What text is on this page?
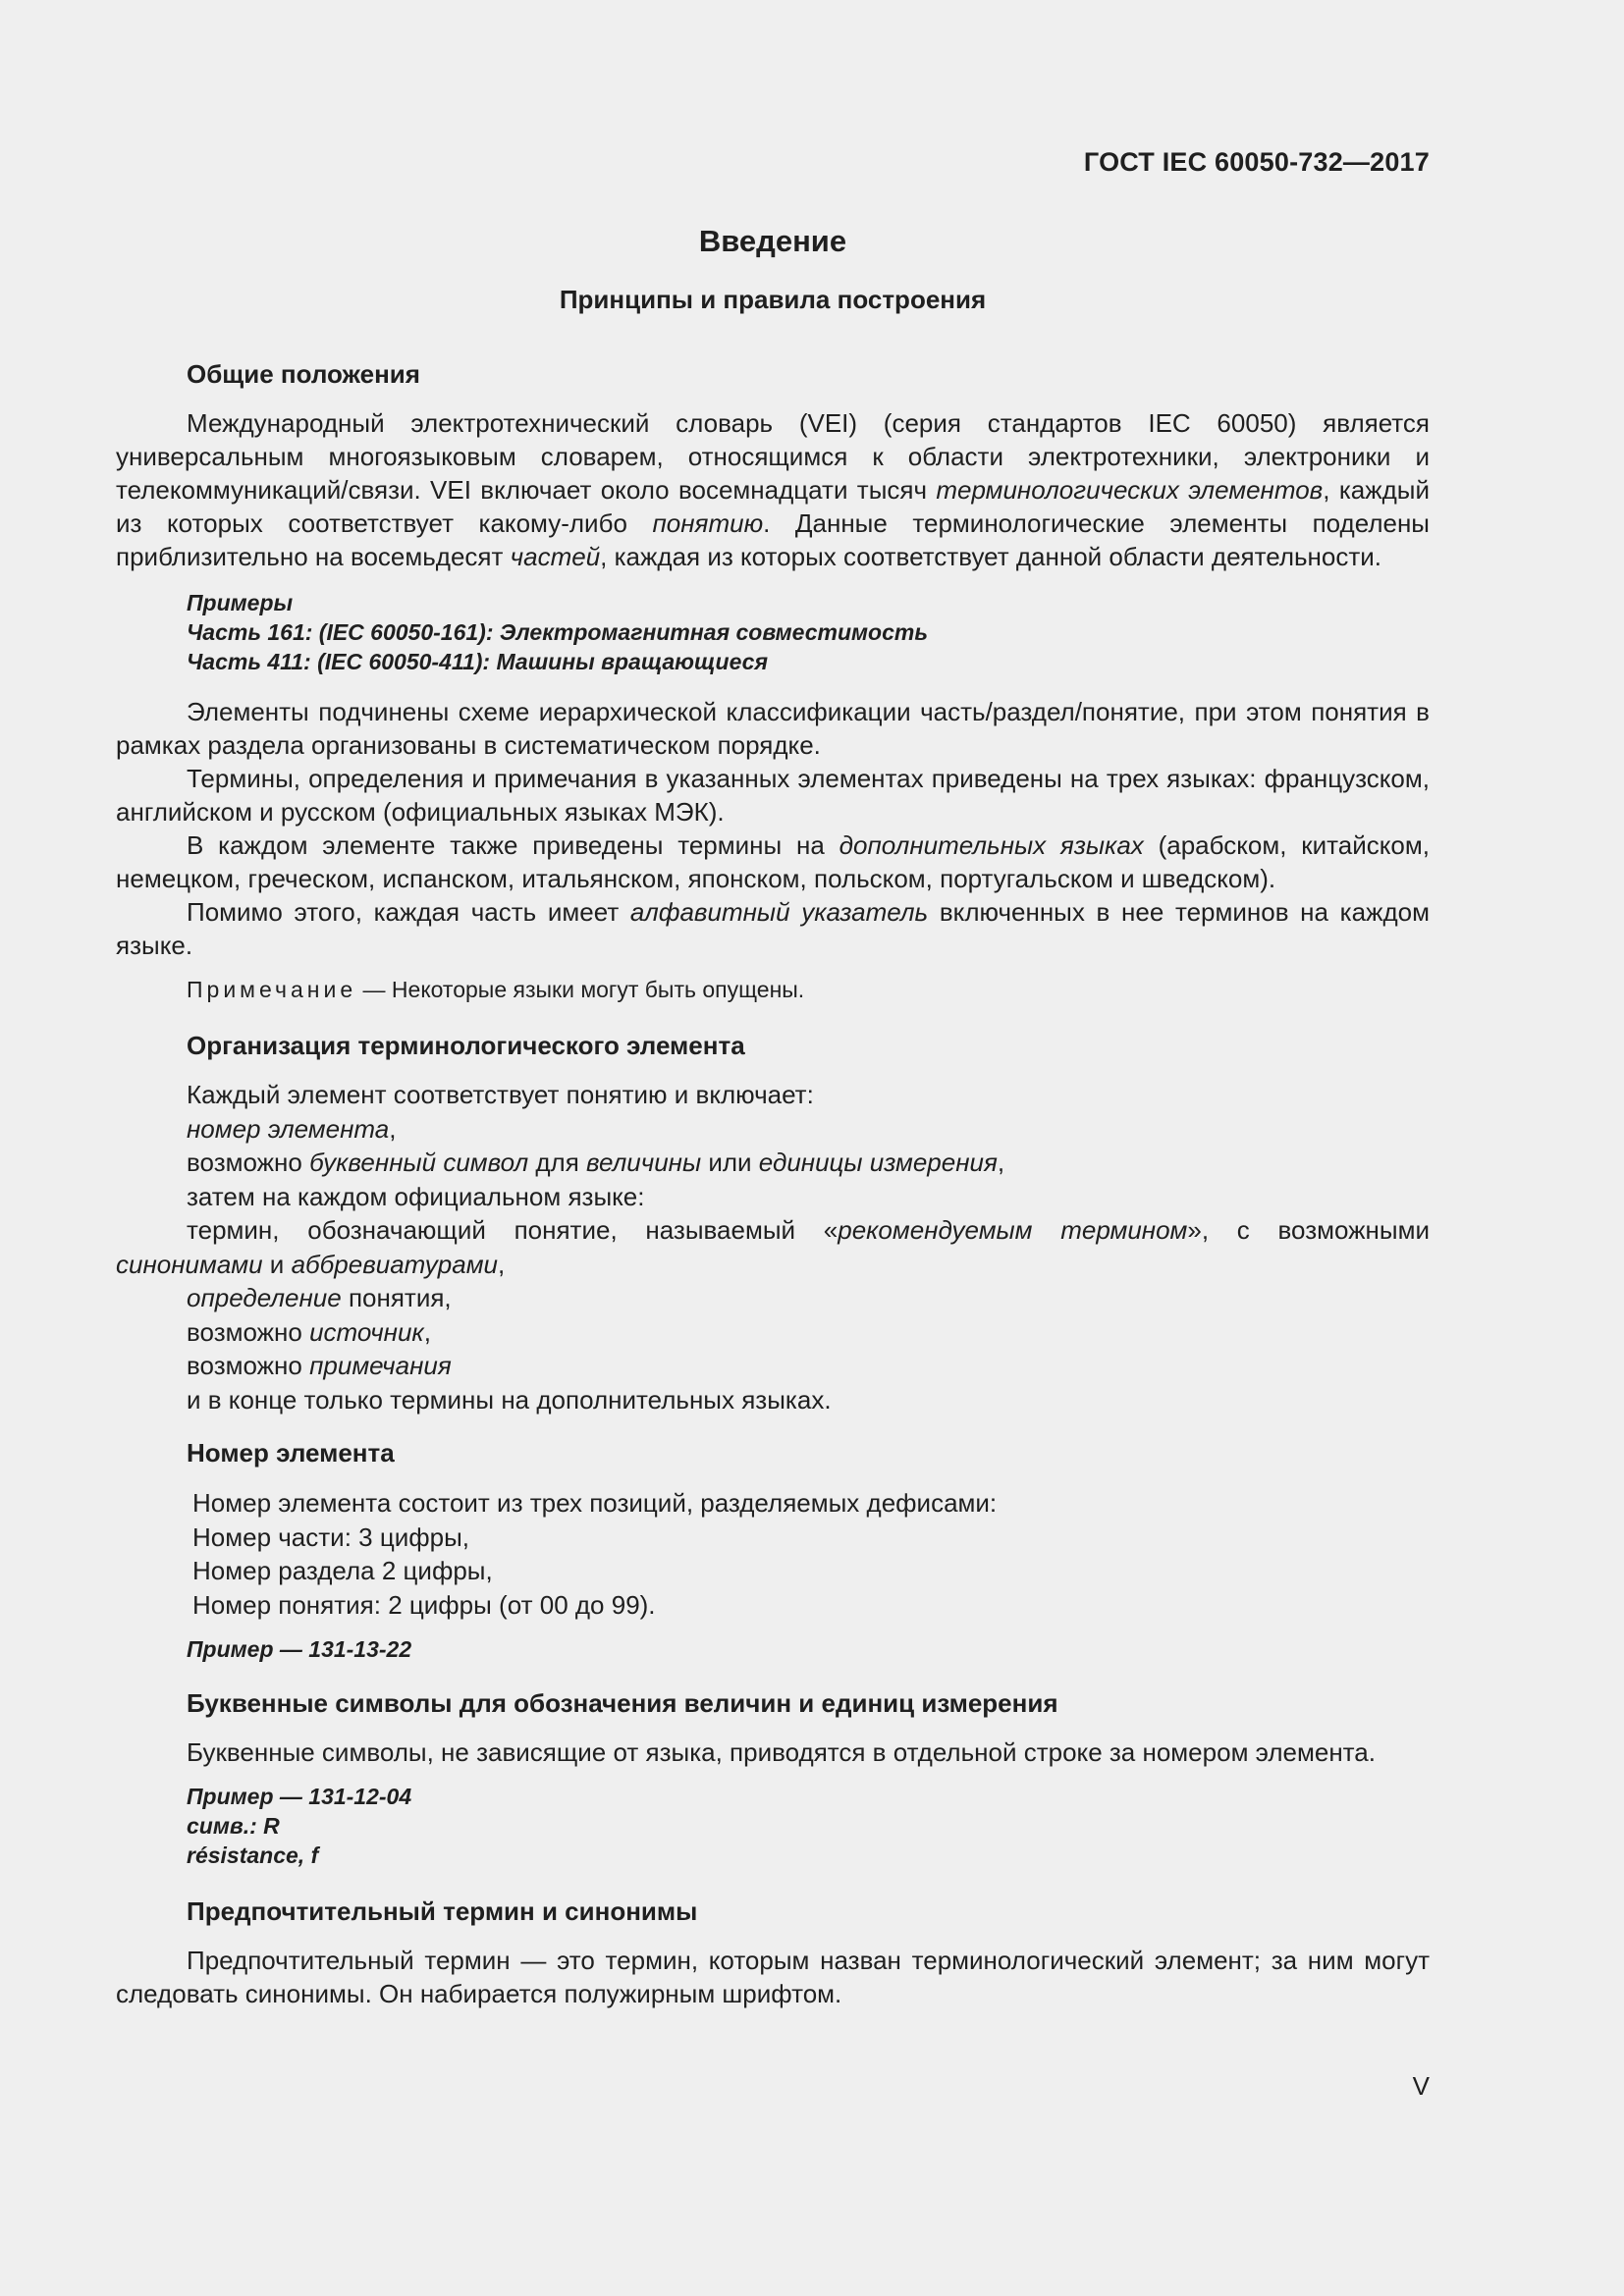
ГОСТ IEC 60050-732—2017
Введение
Принципы и правила построения
Общие положения

Международный электротехнический словарь (VEI) (серия стандартов IEC 60050) является универсальным многоязыковым словарем, относящимся к области электротехники, электроники и телекоммуникаций/связи. VEI включает около восемнадцати тысяч терминологических элементов, каждый из которых соответствует какому-либо понятию. Данные терминологические элементы поделены приблизительно на восемьдесят частей, каждая из которых соответствует данной области деятельности.

Примеры
Часть 161: (IEC 60050-161): Электромагнитная совместимость
Часть 411: (IEC 60050-411): Машины вращающиеся

Элементы подчинены схеме иерархической классификации часть/раздел/понятие, при этом понятия в рамках раздела организованы в систематическом порядке.

Термины, определения и примечания в указанных элементах приведены на трех языках: французском, английском и русском (официальных языках МЭК).

В каждом элементе также приведены термины на дополнительных языках (арабском, китайском, немецком, греческом, испанском, итальянском, японском, польском, португальском и шведском).

Помимо этого, каждая часть имеет алфавитный указатель включенных в нее терминов на каждом языке.

Примечание — Некоторые языки могут быть опущены.
Организация терминологического элемента
Каждый элемент соответствует понятию и включает:
номер элемента,
возможно буквенный символ для величины или единицы измерения,
затем на каждом официальном языке:
термин, обозначающий понятие, называемый «рекомендуемым термином», с возможными синонимами и аббревиатурами,
определение понятия,
возможно источник,
возможно примечания
и в конце только термины на дополнительных языках.
Номер элемента
Номер элемента состоит из трех позиций, разделяемых дефисами:
Номер части: 3 цифры,
Номер раздела 2 цифры,
Номер понятия: 2 цифры (от 00 до 99).
Пример — 131-13-22
Буквенные символы для обозначения величин и единиц измерения

Буквенные символы, не зависящие от языка, приводятся в отдельной строке за номером элемента.

Пример — 131-12-04
симв.: R
résistance, f
Предпочтительный термин и синонимы

Предпочтительный термин — это термин, которым назван терминологический элемент; за ним могут следовать синонимы. Он набирается полужирным шрифтом.

V
